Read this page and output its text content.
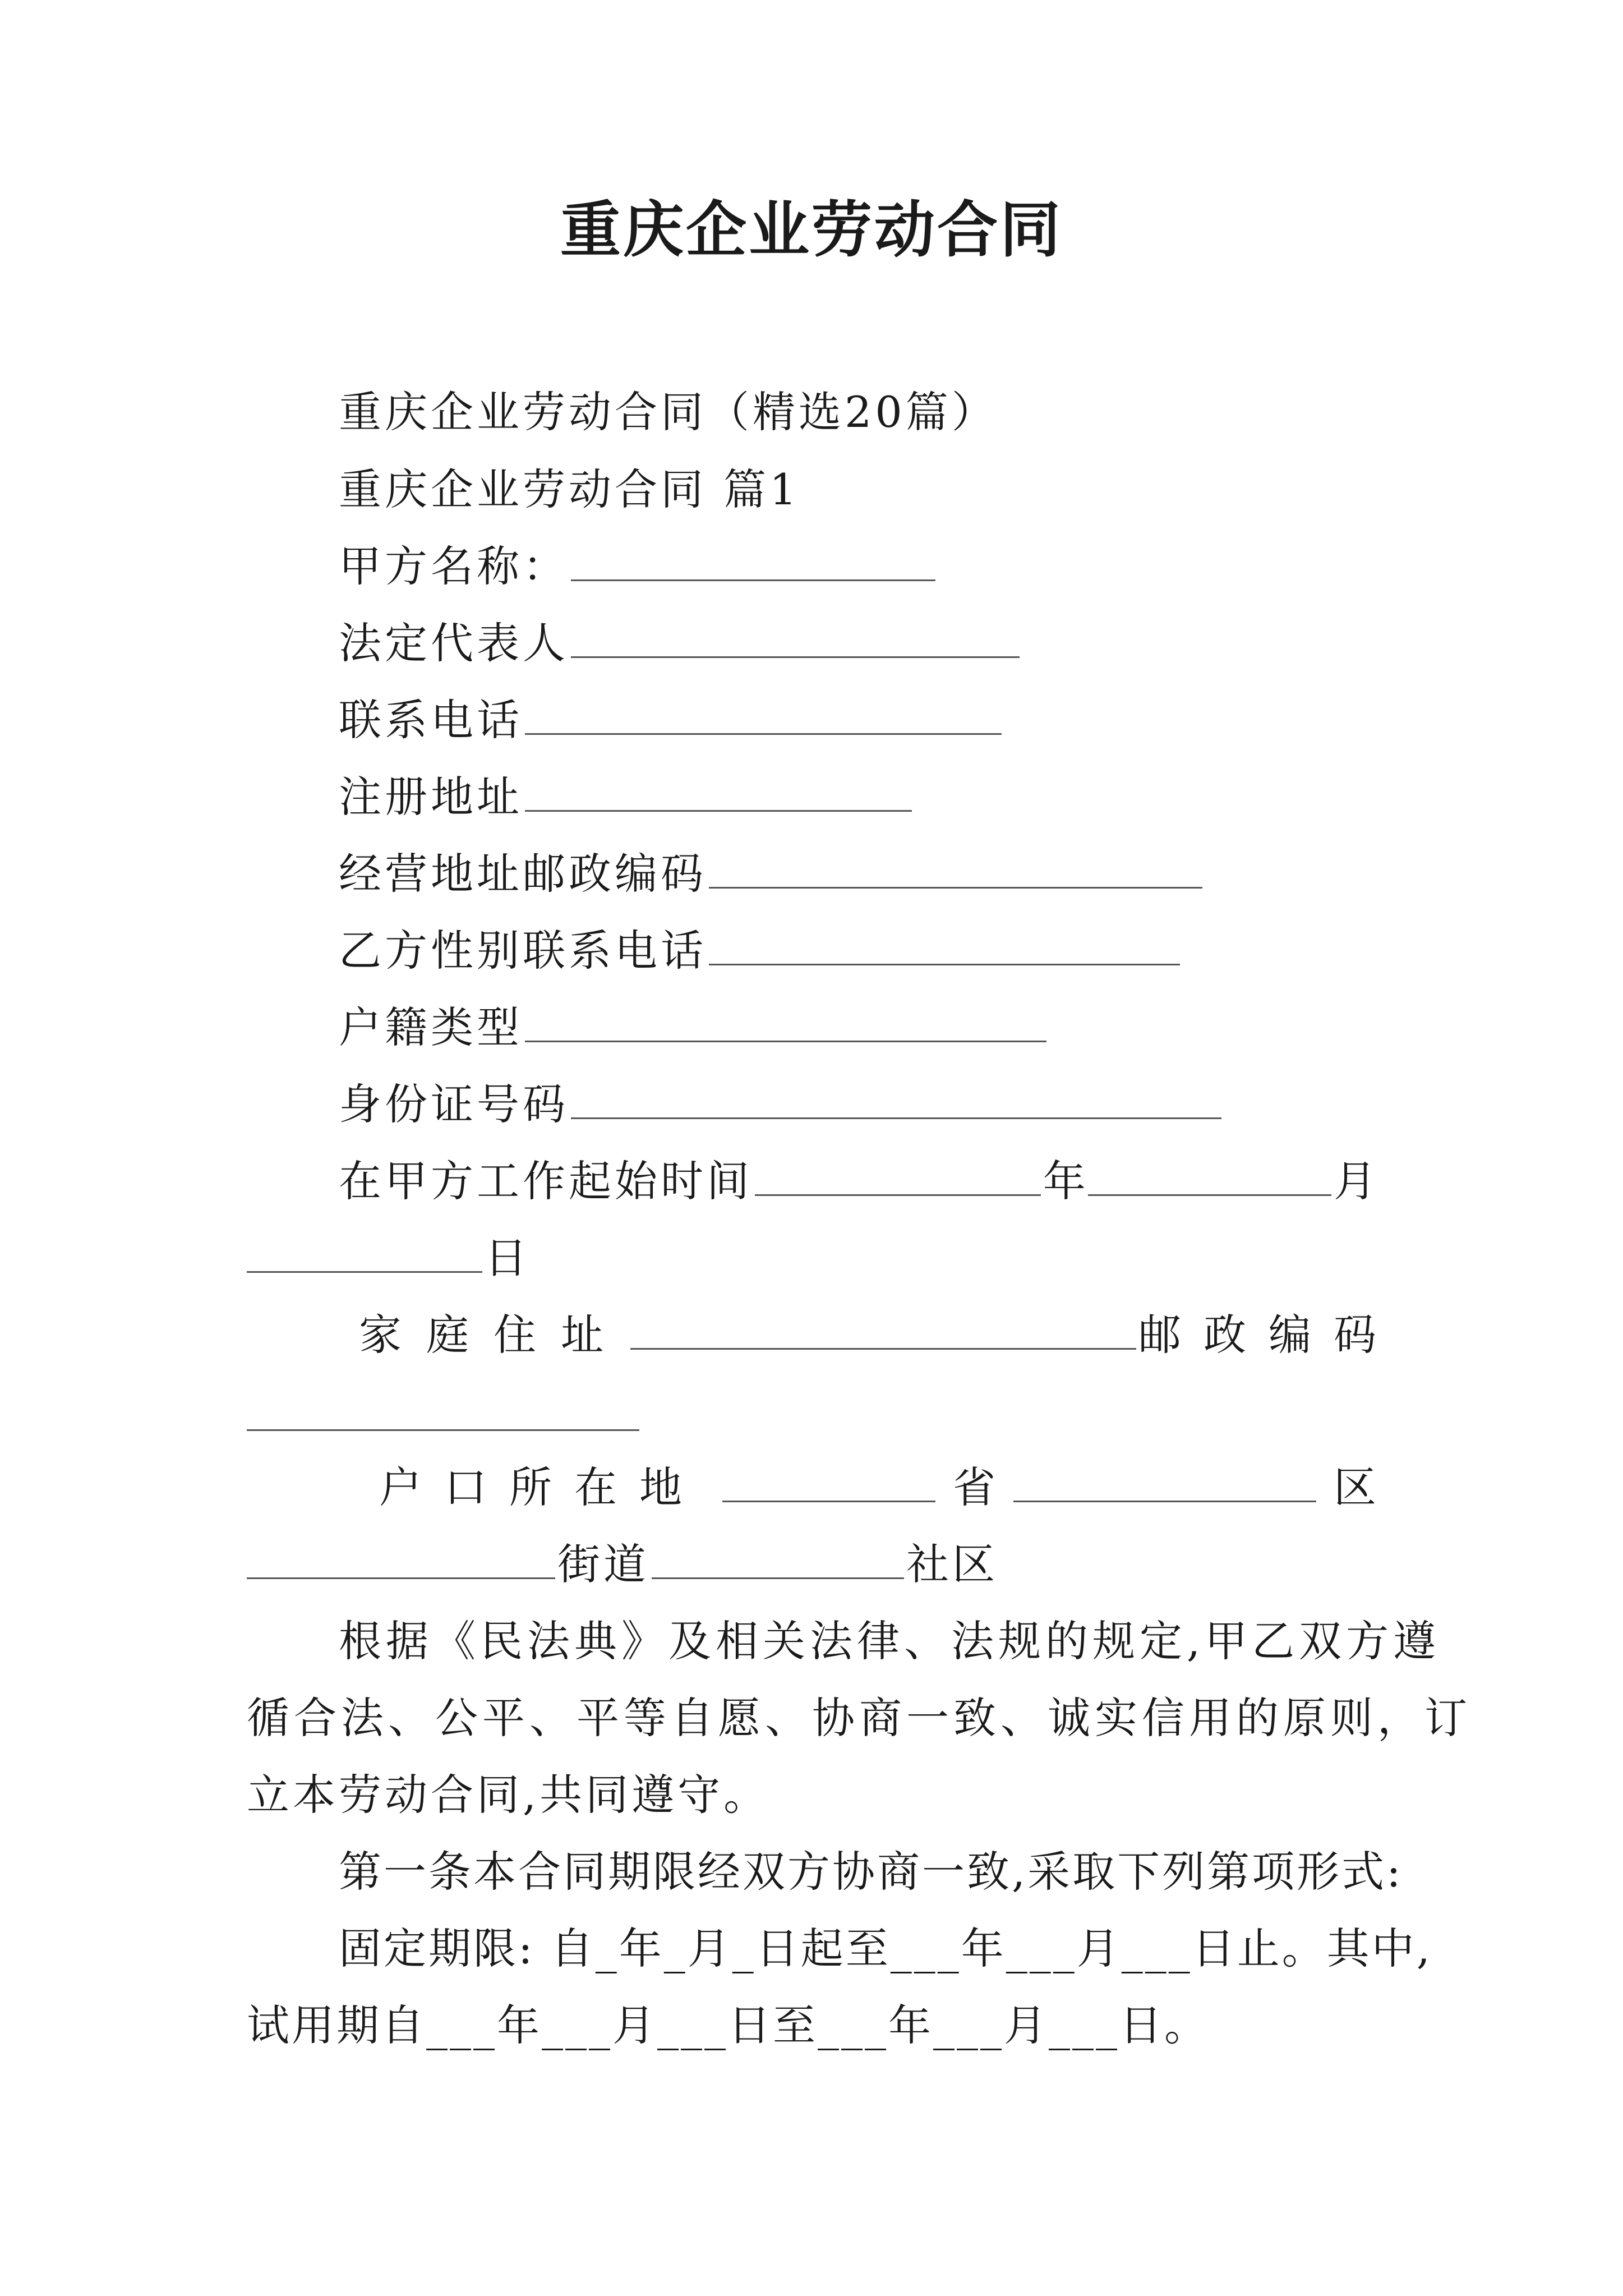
重庆企业劳动合同
重庆企业劳动合同（精选20篇）
重庆企业劳动合同 篇1
甲方名称：
法定代表人
联系电话
注册地址
经营地址邮政编码
乙方性别联系电话
户籍类型
身份证号码
在甲方工作起始时间	年	月
日
家庭住址	邮政编码
户口所在地	省	区
街道	社区
根据《民法典》及相关法律、法规的规定,甲乙双方遵
循合法、公平、平等自愿、协商一致、诚实信用的原则，订
立本劳动合同,共同遵守。
第一条本合同期限经双方协商一致,采取下列第项形式:
固定期限: 自_年_月_日起至___年___月___日止。其中,
试用期自___年___月___日至___年___月___日。
